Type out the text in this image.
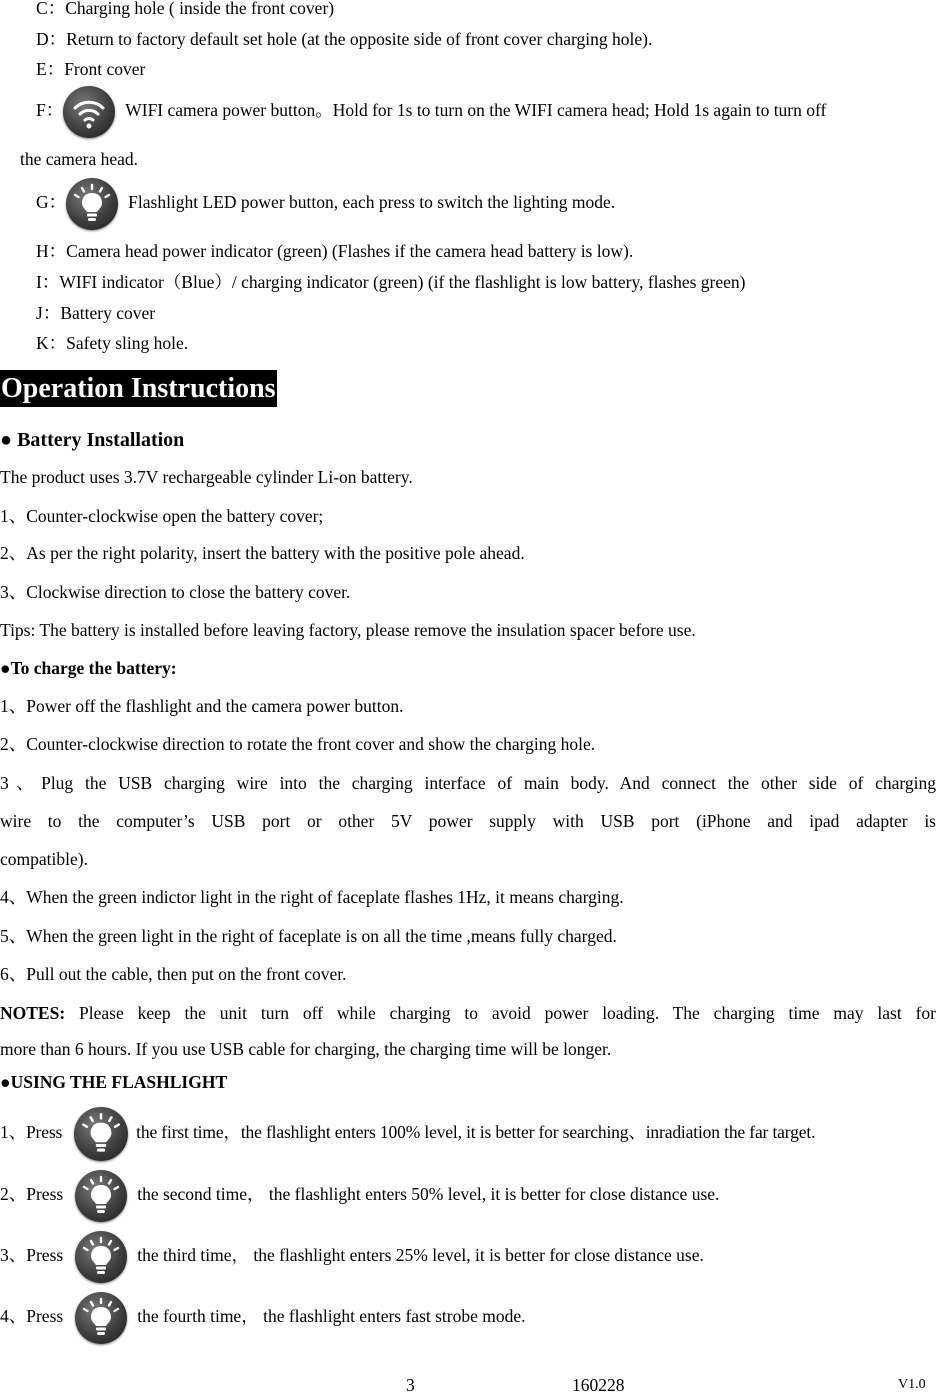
C：Charging hole ( inside the front cover)
D：Return to factory default set hole (at the opposite side of front cover charging hole).
E：Front cover
F：	WIFI camera power button。Hold for 1s to turn on the WIFI camera head; Hold 1s again to turn off
the camera head.
G：	Flashlight LED power button, each press to switch the lighting mode.
H：Camera head power indicator (green) (Flashes if the camera head battery is low).
I：WIFI indicator（Blue）/ charging indicator (green) (if the flashlight is low battery, flashes green)
J：Battery cover
K：Safety sling hole.
Operation Instructions
● Battery Installation
The product uses 3.7V rechargeable cylinder Li-on battery.
1、Counter-clockwise open the battery cover;
2、As per the right polarity, insert the battery with the positive pole ahead.
3、Clockwise direction to close the battery cover.
Tips: The battery is installed before leaving factory, please remove the insulation spacer before use.
●To charge the battery:
1、Power off the flashlight and the camera power button.
2、Counter-clockwise direction to rotate the front cover and show the charging hole.
3、Plug the USB charging wire into the charging interface of main body. And connect the other side of charging
wire to the computer’s USB port or other 5V power supply with USB port (iPhone and ipad adapter is
compatible).
4、When the green indictor light in the right of faceplate flashes 1Hz, it means charging.
5、When the green light in the right of faceplate is on all the time ,means fully charged.
6、Pull out the cable, then put on the front cover.
NOTES: Please keep the unit turn off while charging to avoid power loading. The charging time may last for
more than 6 hours. If you use USB cable for charging, the charging time will be longer.
●USING THE FLASHLIGHT
1、Press	the first time，the flashlight enters 100% level, it is better for searching、inradiation the far target.
2、Press	the second time， the flashlight enters 50% level, it is better for close distance use.
3、Press	the third time， the flashlight enters 25% level, it is better for close distance use.
4、Press	the fourth time， the flashlight enters fast strobe mode.
3	160228	V1.0
